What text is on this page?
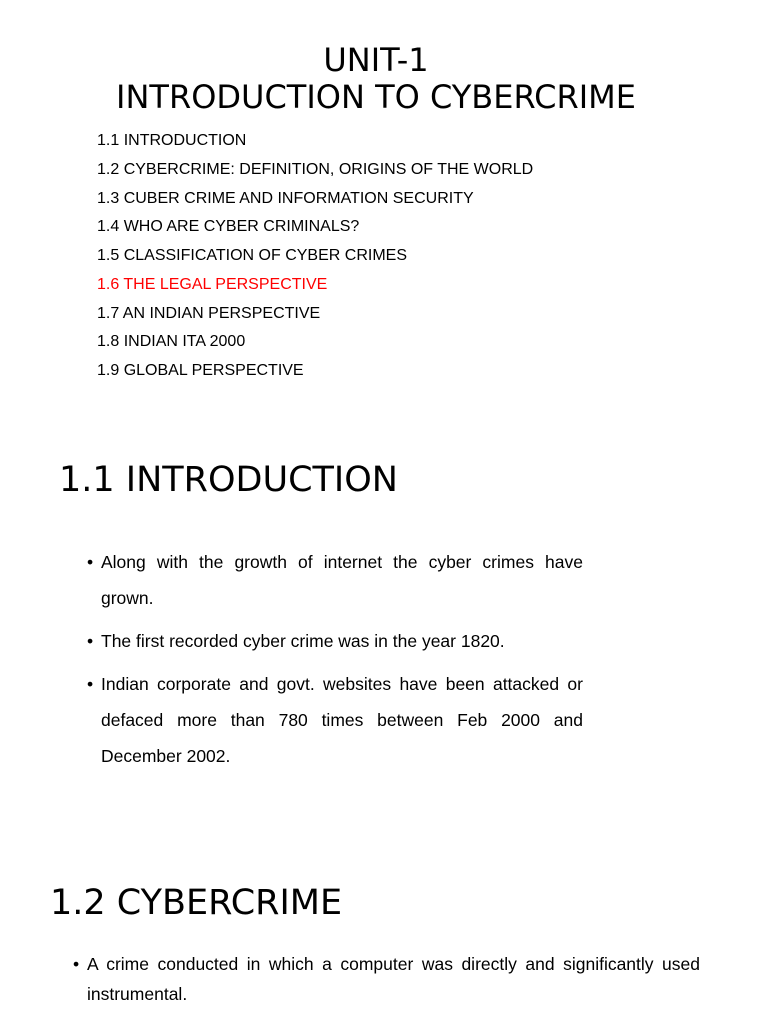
UNIT-1
INTRODUCTION TO CYBERCRIME
1.1 INTRODUCTION
1.2 CYBERCRIME: DEFINITION, ORIGINS OF THE WORLD
1.3 CUBER CRIME AND INFORMATION SECURITY
1.4 WHO ARE CYBER CRIMINALS?
1.5 CLASSIFICATION OF CYBER CRIMES
1.6 THE LEGAL PERSPECTIVE
1.7 AN INDIAN PERSPECTIVE
1.8 INDIAN ITA 2000
1.9 GLOBAL PERSPECTIVE
1.1 INTRODUCTION
• Along with the growth of internet the cyber crimes have grown.
• The first recorded cyber crime was in the year 1820.
• Indian corporate and govt. websites have been attacked or defaced more than 780 times between Feb 2000 and December 2002.
1.2 CYBERCRIME
• A crime conducted in which a computer was directly and significantly used instrumental.
